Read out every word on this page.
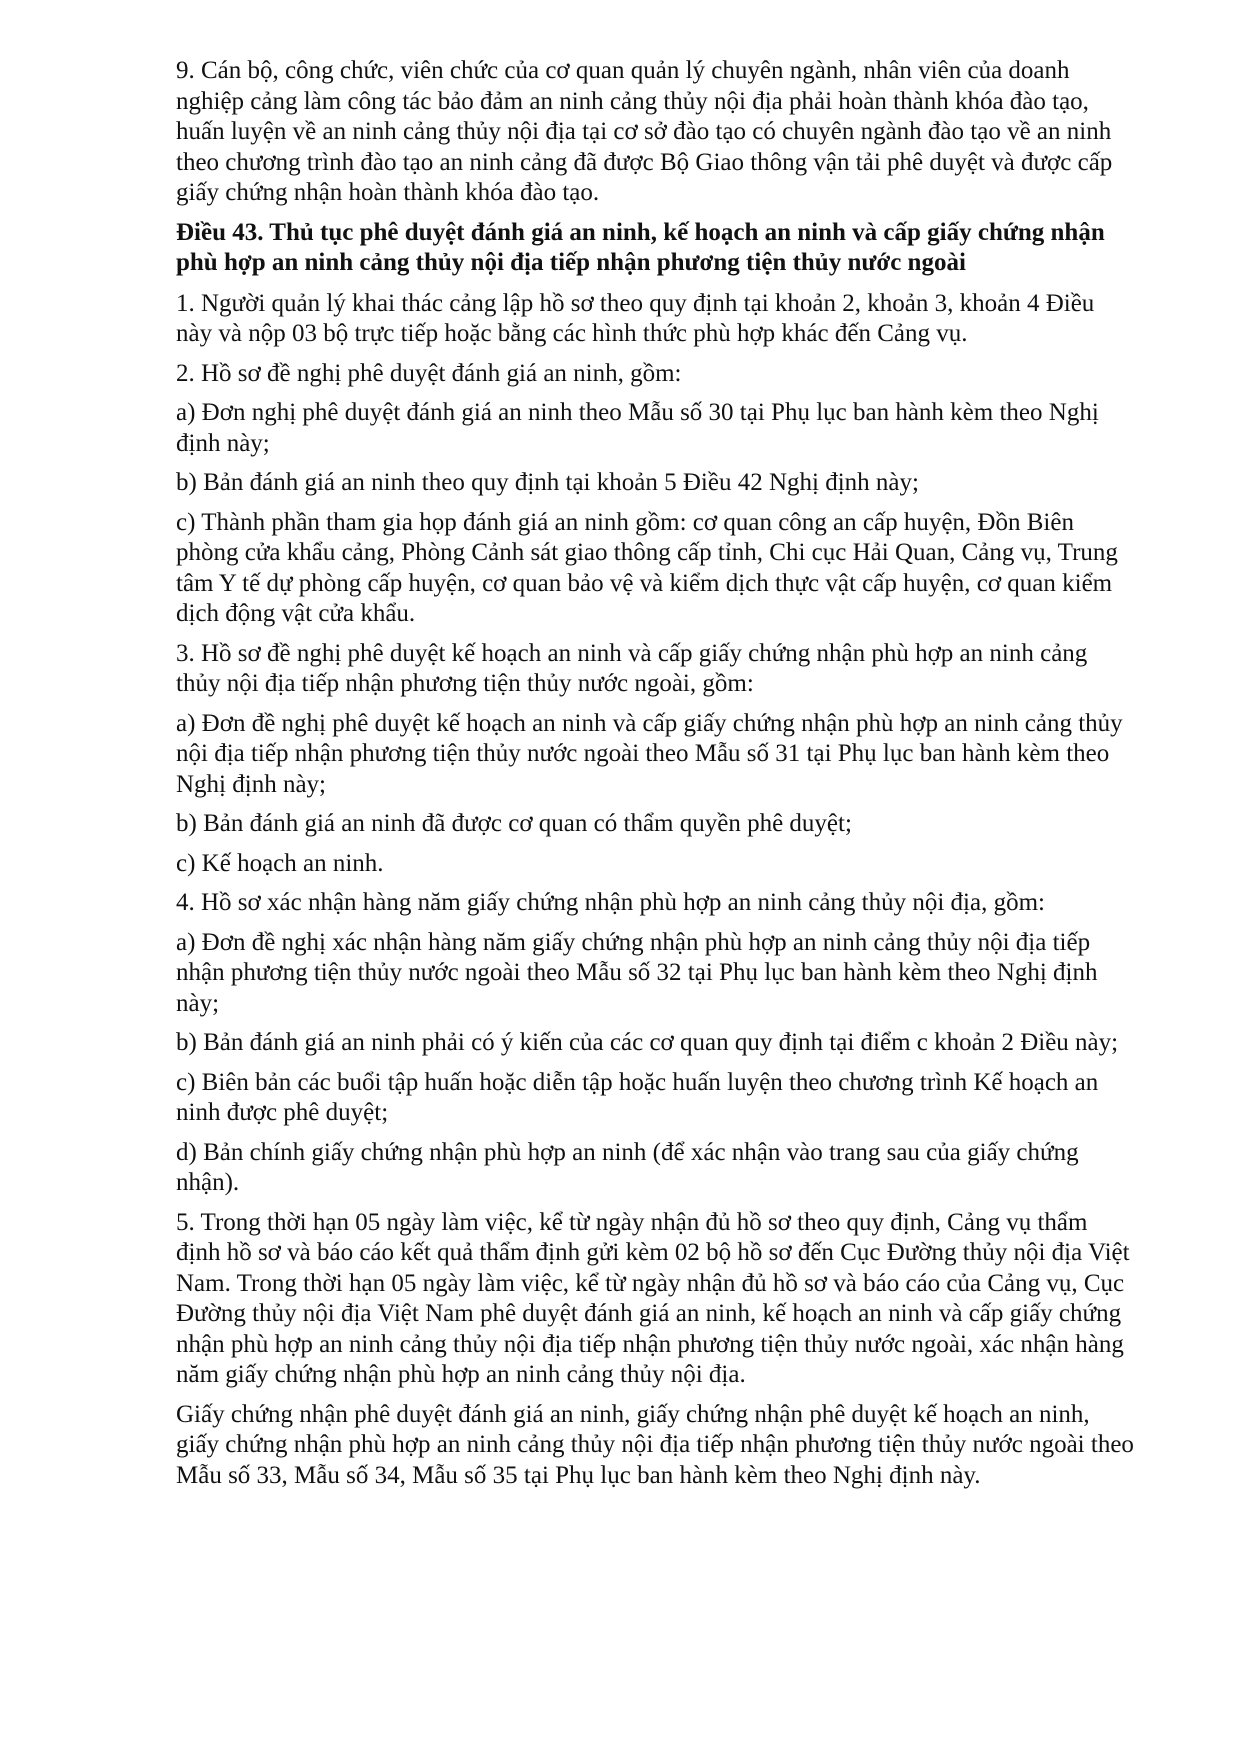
9. Cán bộ, công chức, viên chức của cơ quan quản lý chuyên ngành, nhân viên của doanh nghiệp cảng làm công tác bảo đảm an ninh cảng thủy nội địa phải hoàn thành khóa đào tạo, huấn luyện về an ninh cảng thủy nội địa tại cơ sở đào tạo có chuyên ngành đào tạo về an ninh theo chương trình đào tạo an ninh cảng đã được Bộ Giao thông vận tải phê duyệt và được cấp giấy chứng nhận hoàn thành khóa đào tạo.

Điều 43. Thủ tục phê duyệt đánh giá an ninh, kế hoạch an ninh và cấp giấy chứng nhận phù hợp an ninh cảng thủy nội địa tiếp nhận phương tiện thủy nước ngoài

1. Người quản lý khai thác cảng lập hồ sơ theo quy định tại khoản 2, khoản 3, khoản 4 Điều này và nộp 03 bộ trực tiếp hoặc bằng các hình thức phù hợp khác đến Cảng vụ.

2. Hồ sơ đề nghị phê duyệt đánh giá an ninh, gồm:

a) Đơn nghị phê duyệt đánh giá an ninh theo Mẫu số 30 tại Phụ lục ban hành kèm theo Nghị định này;

b) Bản đánh giá an ninh theo quy định tại khoản 5 Điều 42 Nghị định này;

c) Thành phần tham gia họp đánh giá an ninh gồm: cơ quan công an cấp huyện, Đồn Biên phòng cửa khẩu cảng, Phòng Cảnh sát giao thông cấp tỉnh, Chi cục Hải Quan, Cảng vụ, Trung tâm Y tế dự phòng cấp huyện, cơ quan bảo vệ và kiểm dịch thực vật cấp huyện, cơ quan kiểm dịch động vật cửa khẩu.

3. Hồ sơ đề nghị phê duyệt kế hoạch an ninh và cấp giấy chứng nhận phù hợp an ninh cảng thủy nội địa tiếp nhận phương tiện thủy nước ngoài, gồm:

a) Đơn đề nghị phê duyệt kế hoạch an ninh và cấp giấy chứng nhận phù hợp an ninh cảng thủy nội địa tiếp nhận phương tiện thủy nước ngoài theo Mẫu số 31 tại Phụ lục ban hành kèm theo Nghị định này;

b) Bản đánh giá an ninh đã được cơ quan có thẩm quyền phê duyệt;

c) Kế hoạch an ninh.

4. Hồ sơ xác nhận hàng năm giấy chứng nhận phù hợp an ninh cảng thủy nội địa, gồm:

a) Đơn đề nghị xác nhận hàng năm giấy chứng nhận phù hợp an ninh cảng thủy nội địa tiếp nhận phương tiện thủy nước ngoài theo Mẫu số 32 tại Phụ lục ban hành kèm theo Nghị định này;

b) Bản đánh giá an ninh phải có ý kiến của các cơ quan quy định tại điểm c khoản 2 Điều này;

c) Biên bản các buổi tập huấn hoặc diễn tập hoặc huấn luyện theo chương trình Kế hoạch an ninh được phê duyệt;

d) Bản chính giấy chứng nhận phù hợp an ninh (để xác nhận vào trang sau của giấy chứng nhận).

5. Trong thời hạn 05 ngày làm việc, kể từ ngày nhận đủ hồ sơ theo quy định, Cảng vụ thẩm định hồ sơ và báo cáo kết quả thẩm định gửi kèm 02 bộ hồ sơ đến Cục Đường thủy nội địa Việt Nam. Trong thời hạn 05 ngày làm việc, kể từ ngày nhận đủ hồ sơ và báo cáo của Cảng vụ, Cục Đường thủy nội địa Việt Nam phê duyệt đánh giá an ninh, kế hoạch an ninh và cấp giấy chứng nhận phù hợp an ninh cảng thủy nội địa tiếp nhận phương tiện thủy nước ngoài, xác nhận hàng năm giấy chứng nhận phù hợp an ninh cảng thủy nội địa.

Giấy chứng nhận phê duyệt đánh giá an ninh, giấy chứng nhận phê duyệt kế hoạch an ninh, giấy chứng nhận phù hợp an ninh cảng thủy nội địa tiếp nhận phương tiện thủy nước ngoài theo Mẫu số 33, Mẫu số 34, Mẫu số 35 tại Phụ lục ban hành kèm theo Nghị định này.
